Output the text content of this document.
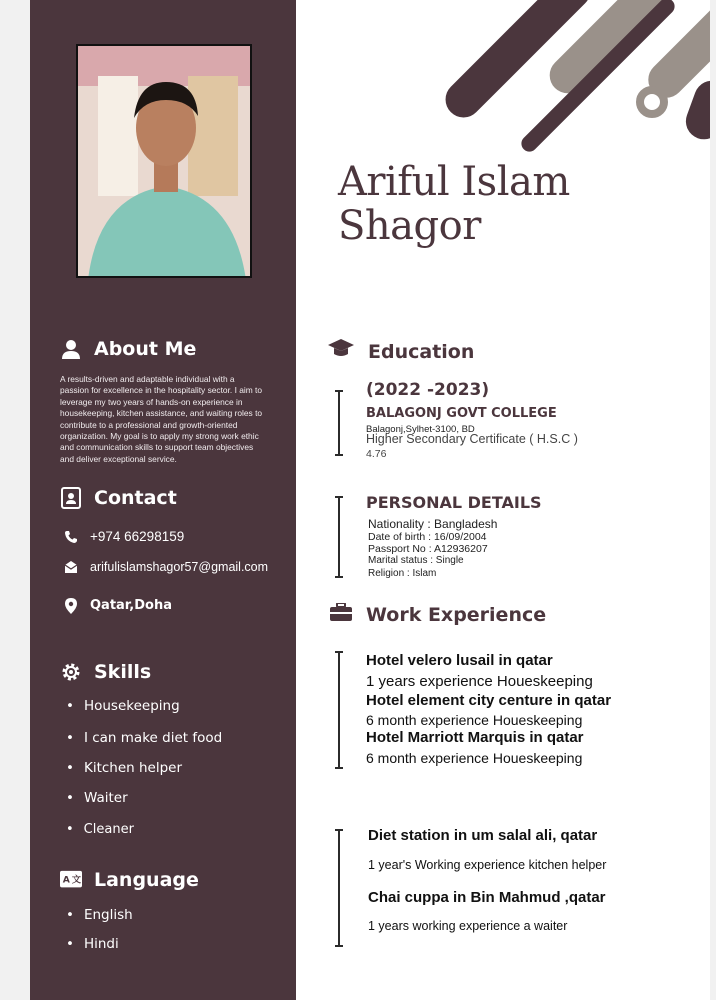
About Me
A results-driven and adaptable individual with a
passion for excellence in the hospitality sector. I aim to
leverage my two years of hands-on experience in
housekeeping, kitchen assistance, and waiting roles to
contribute to a professional and growth-oriented
organization. My goal is to apply my strong work ethic
and communication skills to support team objectives
and deliver exceptional service.
Contact
+974 66298159
arifulislamshagor57@gmail.com
Qatar,Doha
Skills
• Housekeeping
• I can make diet food
• Kitchen helper
• Waiter
• Cleaner
A 文 Language
• English
• Hindi
Ariful Islam
Shagor
Education
(2022 -2023)
BALAGONJ GOVT COLLEGE
Balagonj,Sylhet-3100, BD
Higher Secondary Certificate ( H.S.C )
4.76
PERSONAL DETAILS
Nationality : Bangladesh
Date of birth : 16/09/2004
Passport No : A12936207
Marital status : Single
Religion : Islam
Work Experience
Hotel velero lusail in qatar
1 years experience Houeskeeping
Hotel element city centure in qatar
6 month experience Houeskeeping
Hotel Marriott Marquis in qatar
6 month experience Houeskeeping
Diet station in um salal ali, qatar
1 year's Working experience kitchen helper
Chai cuppa in Bin Mahmud ,qatar
1 years working experience a waiter
